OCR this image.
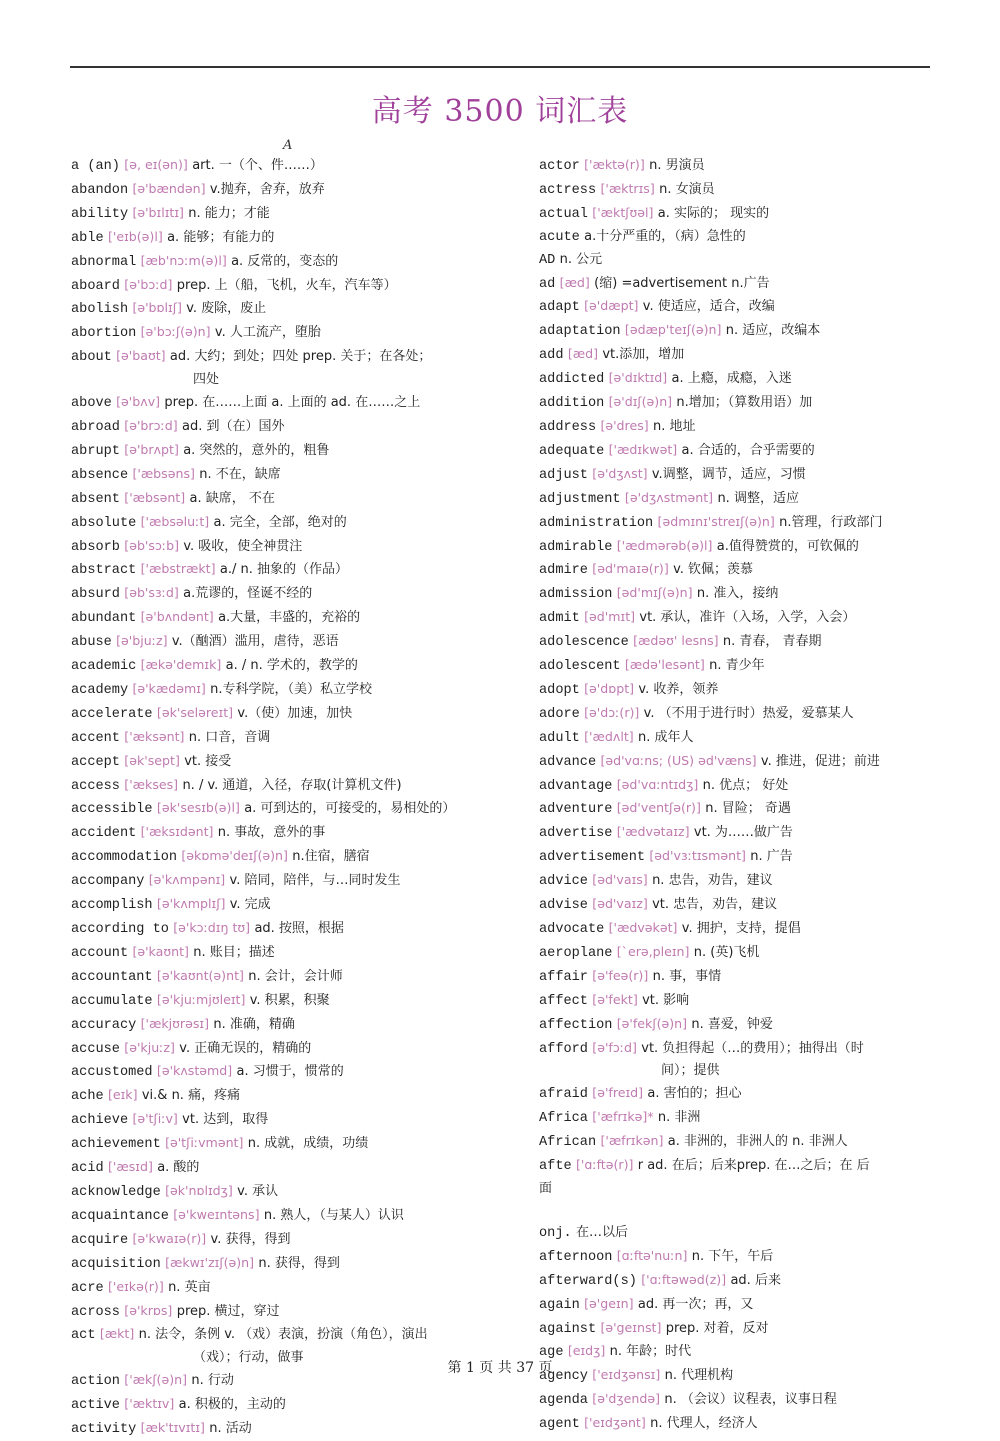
高考 3500 词汇表
A
a (an) [ə, eɪ(ən)] art. 一（个、件……）
abandon [ə'bændən] v.抛弃，舍弃，放弃
ability [ə'bɪlɪtɪ] n. 能力；才能
able ['eɪb(ə)l] a. 能够；有能力的
abnormal [æb'nɔːm(ə)l] a. 反常的，变态的
aboard [ə'bɔːd] prep. 上（船，飞机，火车，汽车等）
abolish [ə'bɒlɪʃ] v. 废除，废止
abortion [ə'bɔːʃ(ə)n] v. 人工流产，堕胎
about [ə'baʊt] ad. 大约；到处；四处 prep. 关于；在各处；
四处
above [ə'bʌv] prep. 在……上面 a. 上面的 ad. 在……之上
abroad [ə'brɔːd] ad. 到（在）国外
abrupt [ə'brʌpt] a. 突然的，意外的，粗鲁
absence ['æbsəns] n. 不在，缺席
absent ['æbsənt] a. 缺席， 不在
absolute ['æbsəluːt] a. 完全，全部，绝对的
absorb [əb'sɔːb] v. 吸收，使全神贯注
abstract ['æbstrækt] a./ n. 抽象的（作品）
absurd [əb'sɜːd] a.荒谬的，怪诞不经的
abundant [ə'bʌndənt] a.大量，丰盛的，充裕的
abuse [ə'bjuːz] v.（酗酒）滥用，虐待，恶语
academic [ækə'demɪk] a. / n. 学术的，教学的
academy [ə'kædəmɪ] n.专科学院，（美）私立学校
accelerate [ək'seləreɪt] v.（使）加速，加快
accent ['æksənt] n. 口音，音调
accept [ək'sept] vt. 接受
access ['ækses] n. / v. 通道，入径，存取(计算机文件)
accessible [ək'sesɪb(ə)l] a. 可到达的，可接受的，易相处的）
accident ['æksɪdənt] n. 事故，意外的事
accommodation [əkɒmə'deɪʃ(ə)n] n.住宿，膳宿
accompany [ə'kʌmpənɪ] v. 陪同，陪伴，与…同时发生
accomplish [ə'kʌmplɪʃ] v. 完成
according to [ə'kɔːdɪŋ tʊ] ad. 按照，根据
account [ə'kaʊnt] n. 账目；描述
accountant [ə'kaʊnt(ə)nt] n. 会计，会计师
accumulate [ə'kjuːmjʊleɪt] v. 积累，积聚
accuracy ['ækjʊrəsɪ] n. 准确，精确
accuse [ə'kjuːz] v. 正确无误的，精确的
accustomed [ə'kʌstəmd] a. 习惯于，惯常的
ache [eɪk] vi.& n. 痛，疼痛
achieve [ə'tʃiːv] vt. 达到，取得
achievement [ə'tʃiːvmənt] n. 成就，成绩，功绩
acid ['æsɪd] a. 酸的
acknowledge [ək'nɒlɪdʒ] v. 承认
acquaintance [ə'kweɪntəns] n. 熟人，（与某人）认识
acquire [ə'kwaɪə(r)] v. 获得，得到
acquisition [ækwɪ'zɪʃ(ə)n] n. 获得，得到
acre ['eɪkə(r)] n. 英亩
across [ə'krɒs] prep. 横过，穿过
act [ækt] n. 法令，条例 v. （戏）表演，扮演（角色），演出
（戏）；行动，做事
action ['ækʃ(ə)n] n. 行动
active ['æktɪv] a. 积极的，主动的
activity [æk'tɪvɪtɪ] n. 活动
actor ['æktə(r)] n. 男演员
actress ['æktrɪs] n. 女演员
actual ['æktʃʊəl] a. 实际的； 现实的
acute a.十分严重的，（病）急性的
AD n. 公元
ad [æd] (缩) =advertisement n.广告
adapt [ə'dæpt] v. 使适应，适合，改编
adaptation [ədæp'teɪʃ(ə)n] n. 适应，改编本
add [æd] vt.添加，增加
addicted [ə'dɪktɪd] a. 上瘾，成瘾，入迷
addition [ə'dɪʃ(ə)n] n.增加；（算数用语）加
address [ə'dres] n. 地址
adequate ['ædɪkwət] a. 合适的，合乎需要的
adjust [ə'dʒʌst] v.调整，调节，适应，习惯
adjustment [ə'dʒʌstmənt] n. 调整，适应
administration [ədmɪnɪ'streɪʃ(ə)n] n.管理，行政部门
admirable ['ædmərəb(ə)l] a.值得赞赏的，可钦佩的
admire [əd'maɪə(r)] v. 钦佩；羡慕
admission [əd'mɪʃ(ə)n] n. 准入，接纳
admit [əd'mɪt] vt. 承认，准许（入场，入学，入会）
adolescence [ædəʊ' lesns] n. 青春， 青春期
adolescent [ædə'lesənt] n. 青少年
adopt [ə'dɒpt] v. 收养，领养
adore [ə'dɔː(r)] v. （不用于进行时）热爱，爱慕某人
adult ['ædʌlt] n. 成年人
advance [əd'vɑːns; (US) əd'væns] v. 推进，促进；前进
advantage [əd'vɑːntɪdʒ] n. 优点； 好处
adventure [əd'ventʃə(r)] n. 冒险； 奇遇
advertise ['ædvətaɪz] vt. 为……做广告
advertisement [əd'vɜːtɪsmənt] n. 广告
advice [əd'vaɪs] n. 忠告，劝告，建议
advise [əd'vaɪz] vt. 忠告，劝告，建议
advocate ['ædvəkət] v. 拥护，支持，提倡
aeroplane [`erə,pleɪn] n. (英)飞机
affair [ə'feə(r)] n. 事，事情
affect [ə'fekt] vt. 影响
affection [ə'fekʃ(ə)n] n. 喜爱，钟爱
afford [ə'fɔːd] vt. 负担得起（…的费用）；抽得出（时
间）；提供
afraid [ə'freɪd] a. 害怕的；担心
Africa ['æfrɪkə]* n. 非洲
African ['æfrɪkən] a. 非洲的，非洲人的 n. 非洲人
afte ['ɑːftə(r)] r ad. 在后；后来prep. 在…之后；在 后
面
onj. 在…以后
afternoon [ɑːftə'nuːn] n. 下午，午后
afterward(s) ['ɑːftəwəd(z)] ad. 后来
again [ə'geɪn] ad. 再一次；再，又
against [ə'geɪnst] prep. 对着，反对
age [eɪdʒ] n. 年龄；时代
agency ['eɪdʒənsɪ] n. 代理机构
agenda [ə'dʒendə] n. （会议）议程表，议事日程
agent ['eɪdʒənt] n. 代理人，经济人
第 1 页 共 37 页
